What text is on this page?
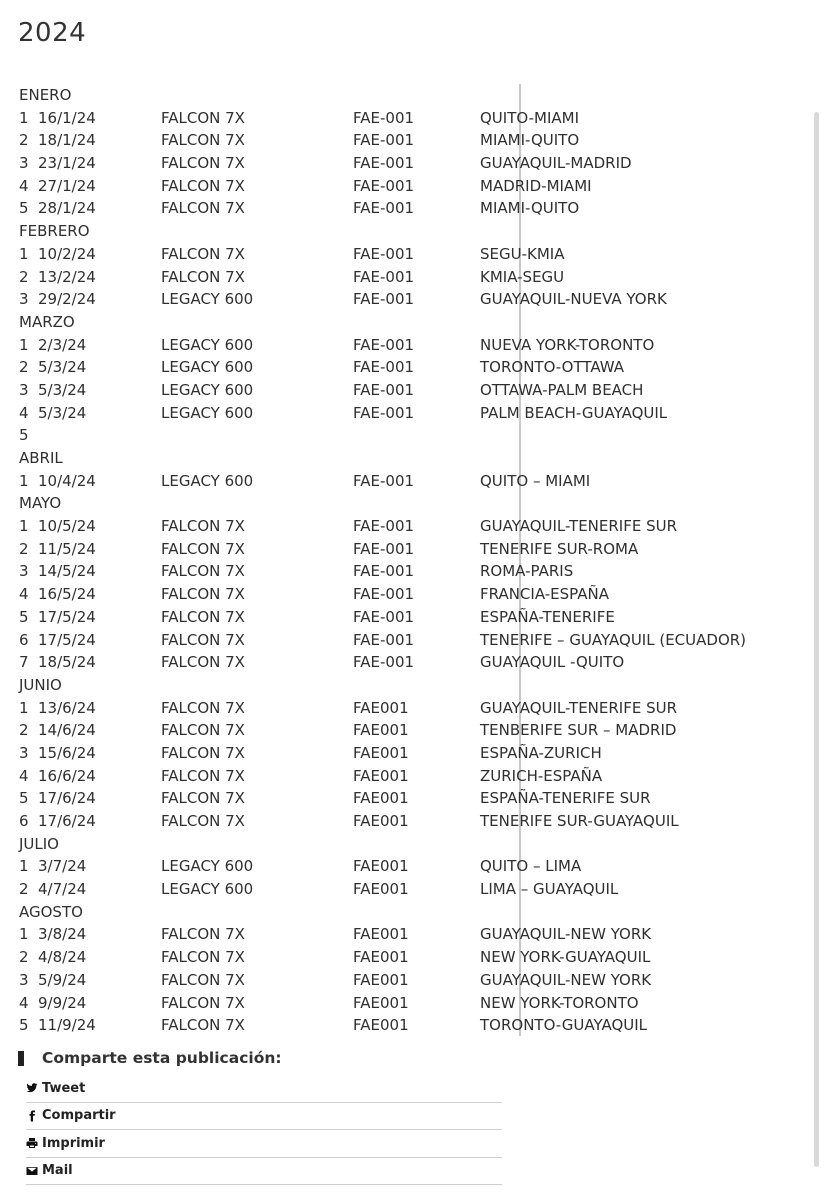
2024
ENERO
1 16/1/24	FALCON 7X	FAE-001	QUITO-MIAMI
2 18/1/24	FALCON 7X	FAE-001	MIAMI-QUITO
3 23/1/24	FALCON 7X	FAE-001	GUAYAQUIL-MADRID
4 27/1/24	FALCON 7X	FAE-001	MADRID-MIAMI
5 28/1/24	FALCON 7X	FAE-001	MIAMI-QUITO
FEBRERO
1 10/2/24	FALCON 7X	FAE-001	SEGU-KMIA
2 13/2/24	FALCON 7X	FAE-001	KMIA-SEGU
3 29/2/24	LEGACY 600	FAE-001	GUAYAQUIL-NUEVA YORK
MARZO
1 2/3/24	LEGACY 600	FAE-001	NUEVA YORK-TORONTO
2 5/3/24	LEGACY 600	FAE-001	TORONTO-OTTAWA
3 5/3/24	LEGACY 600	FAE-001	OTTAWA-PALM BEACH
4 5/3/24	LEGACY 600	FAE-001	PALM BEACH-GUAYAQUIL
5
ABRIL
1 10/4/24	LEGACY 600	FAE-001	QUITO – MIAMI
MAYO
1 10/5/24	FALCON 7X	FAE-001	GUAYAQUIL-TENERIFE SUR
2 11/5/24	FALCON 7X	FAE-001	TENERIFE SUR-ROMA
3 14/5/24	FALCON 7X	FAE-001	ROMA-PARIS
4 16/5/24	FALCON 7X	FAE-001	FRANCIA-ESPAÑA
5 17/5/24	FALCON 7X	FAE-001	ESPAÑA-TENERIFE
6 17/5/24	FALCON 7X	FAE-001	TENERIFE – GUAYAQUIL (ECUADOR)
7 18/5/24	FALCON 7X	FAE-001	GUAYAQUIL -QUITO
JUNIO
1 13/6/24	FALCON 7X	FAE001	GUAYAQUIL-TENERIFE SUR
2 14/6/24	FALCON 7X	FAE001	TENBERIFE SUR – MADRID
3 15/6/24	FALCON 7X	FAE001	ESPAÑA-ZURICH
4 16/6/24	FALCON 7X	FAE001	ZURICH-ESPAÑA
5 17/6/24	FALCON 7X	FAE001	ESPAÑA-TENERIFE SUR
6 17/6/24	FALCON 7X	FAE001	TENERIFE SUR-GUAYAQUIL
JULIO
1 3/7/24	LEGACY 600	FAE001	QUITO – LIMA
2 4/7/24	LEGACY 600	FAE001	LIMA – GUAYAQUIL
AGOSTO
1 3/8/24	FALCON 7X	FAE001	GUAYAQUIL-NEW YORK
2 4/8/24	FALCON 7X	FAE001	NEW YORK-GUAYAQUIL
3 5/9/24	FALCON 7X	FAE001	GUAYAQUIL-NEW YORK
4 9/9/24	FALCON 7X	FAE001	NEW YORK-TORONTO
5 11/9/24	FALCON 7X	FAE001	TORONTO-GUAYAQUIL
Comparte esta publicación:
Tweet
Compartir
Imprimir
Mail
